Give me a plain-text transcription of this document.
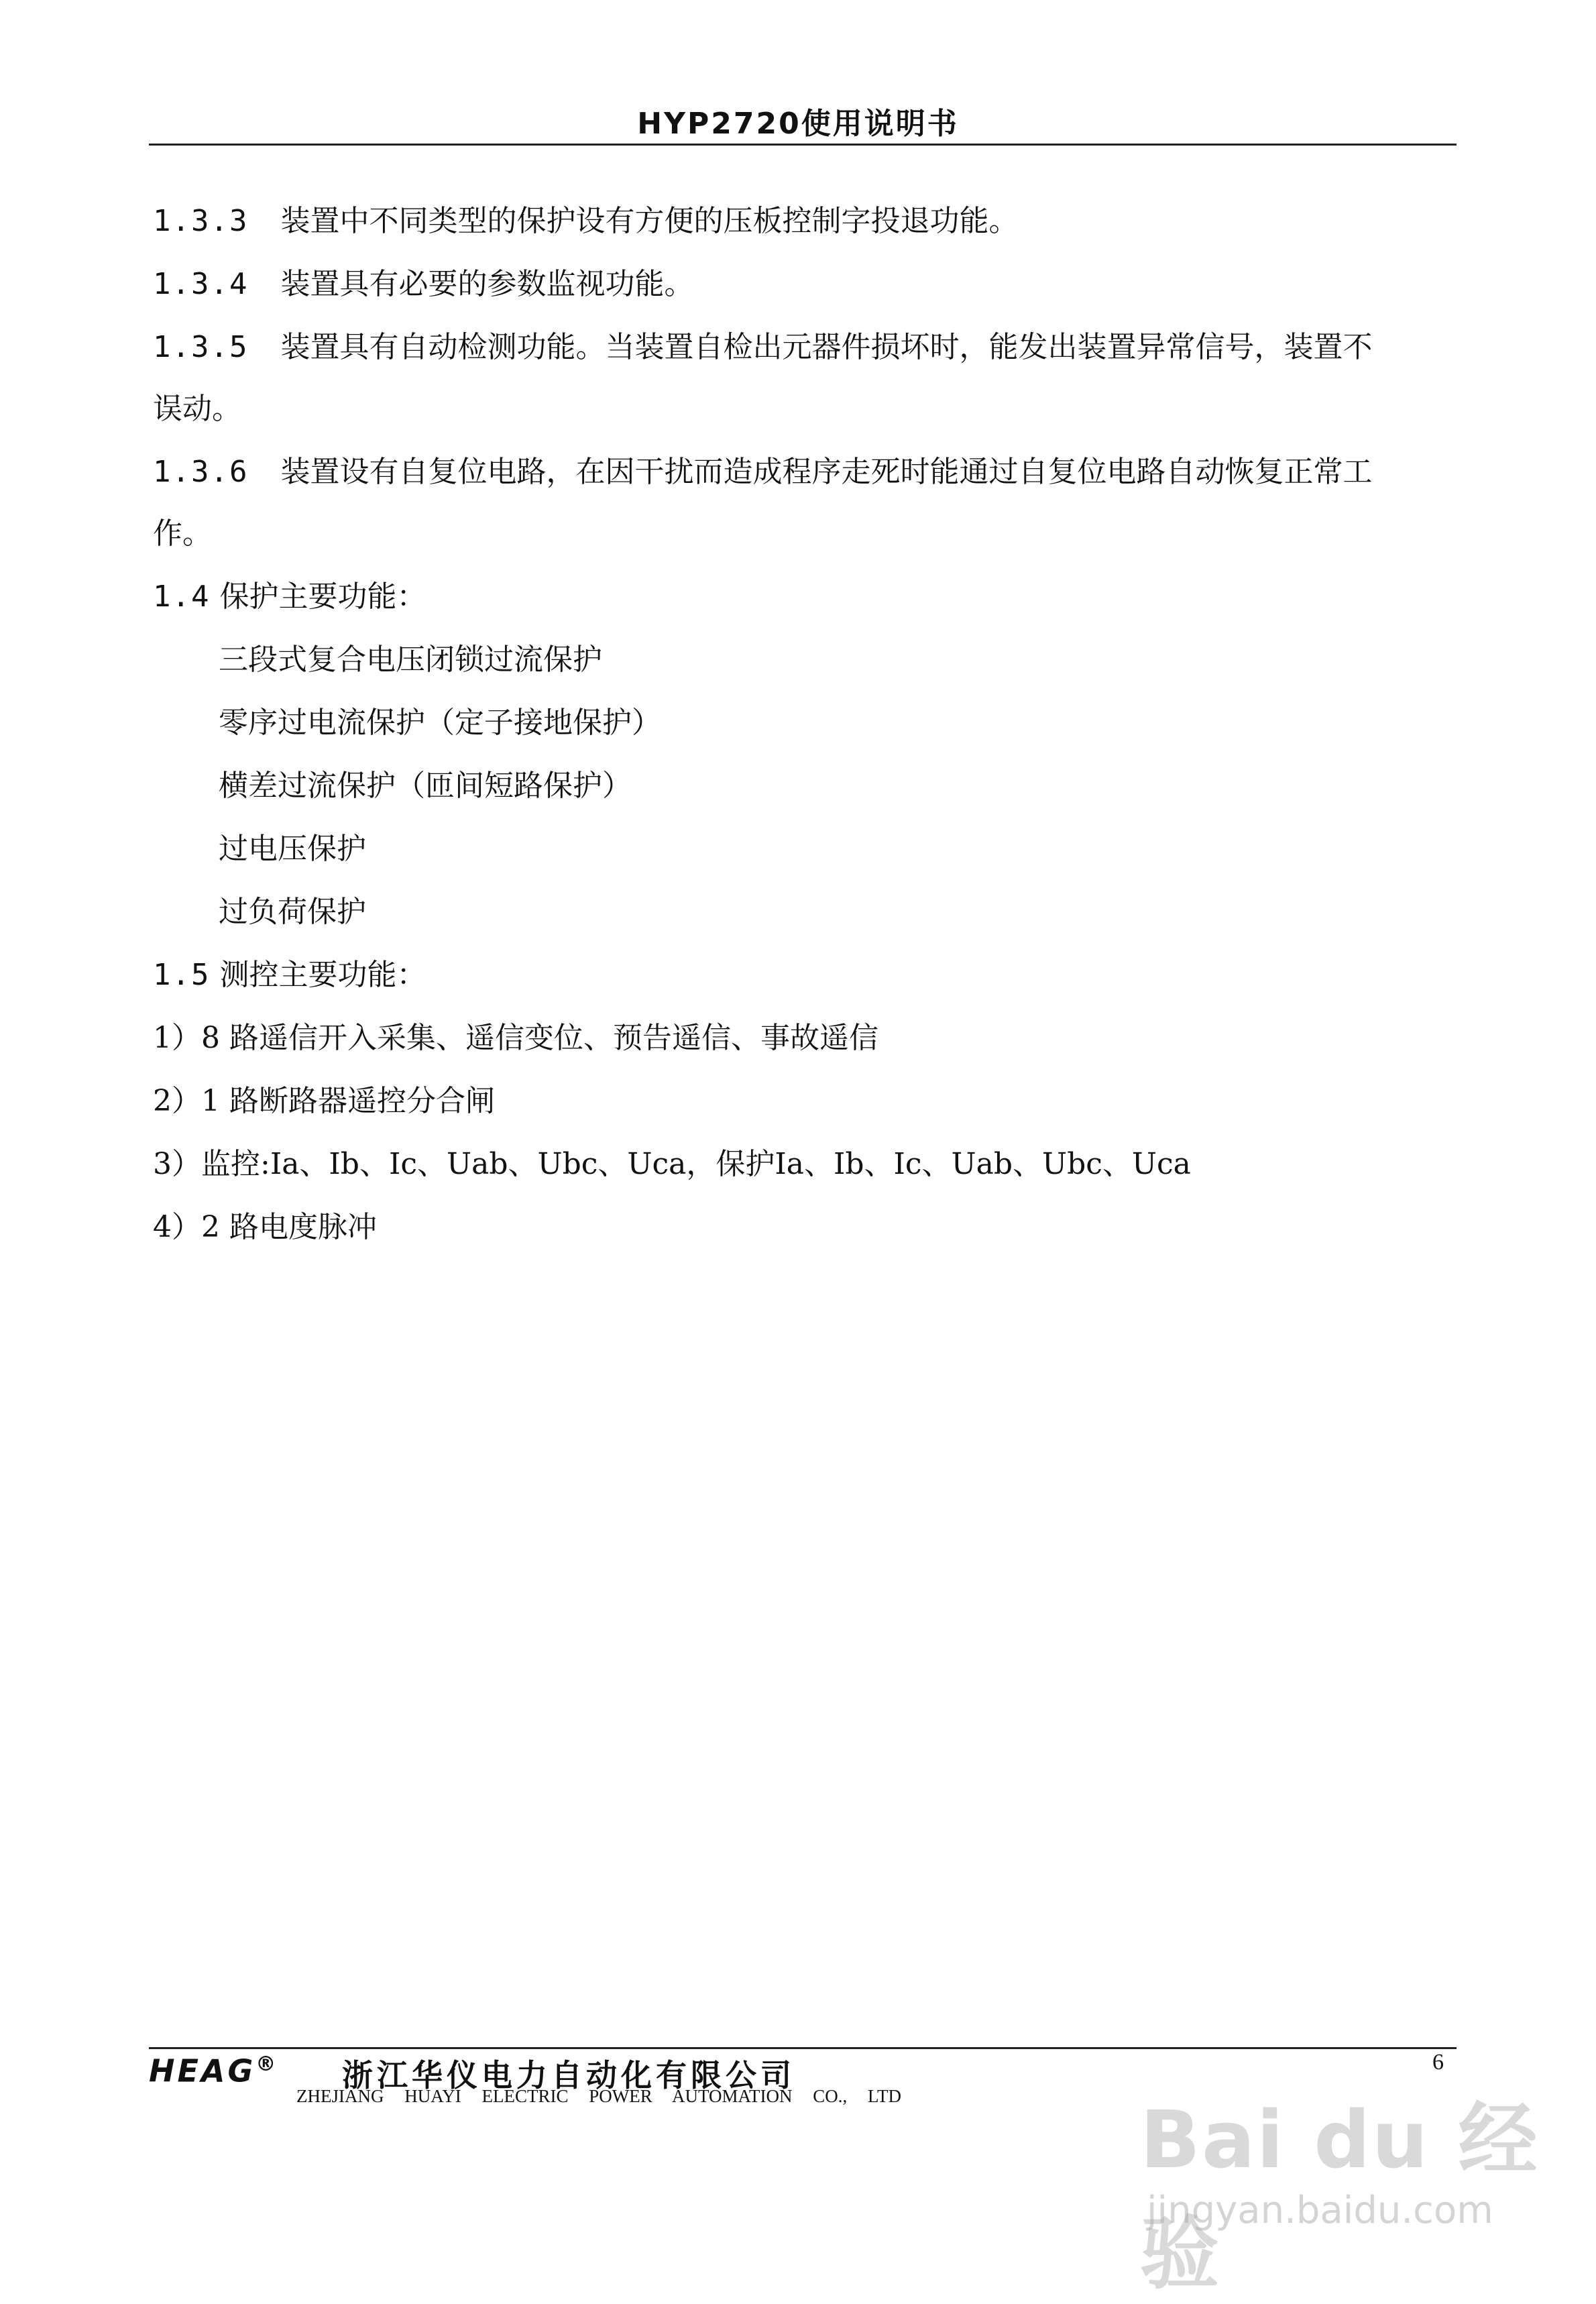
HYP2720使用说明书
1.3.3 装置中不同类型的保护设有方便的压板控制字投退功能。
1.3.4 装置具有必要的参数监视功能。
1.3.5 装置具有自动检测功能。当装置自检出元器件损坏时，能发出装置异常信号，装置不
误动。
1.3.6 装置设有自复位电路，在因干扰而造成程序走死时能通过自复位电路自动恢复正常工
作。
1.4 保护主要功能：
三段式复合电压闭锁过流保护
零序过电流保护（定子接地保护）
横差过流保护（匝间短路保护）
过电压保护
过负荷保护
1.5 测控主要功能：
1）8 路遥信开入采集、遥信变位、预告遥信、事故遥信
2）1 路断路器遥控分合闸
3）监控:Ia、Ib、Ic、Uab、Ubc、Uca，保护Ia、Ib、Ic、Uab、Ubc、Uca
4）2 路电度脉冲
HEAG® 浙江华仪电力自动化有限公司
ZHEJIANG HUAYI ELECTRIC POWER AUTOMATION CO., LTD
6
Bai du 经验
jingyan.baidu.com
